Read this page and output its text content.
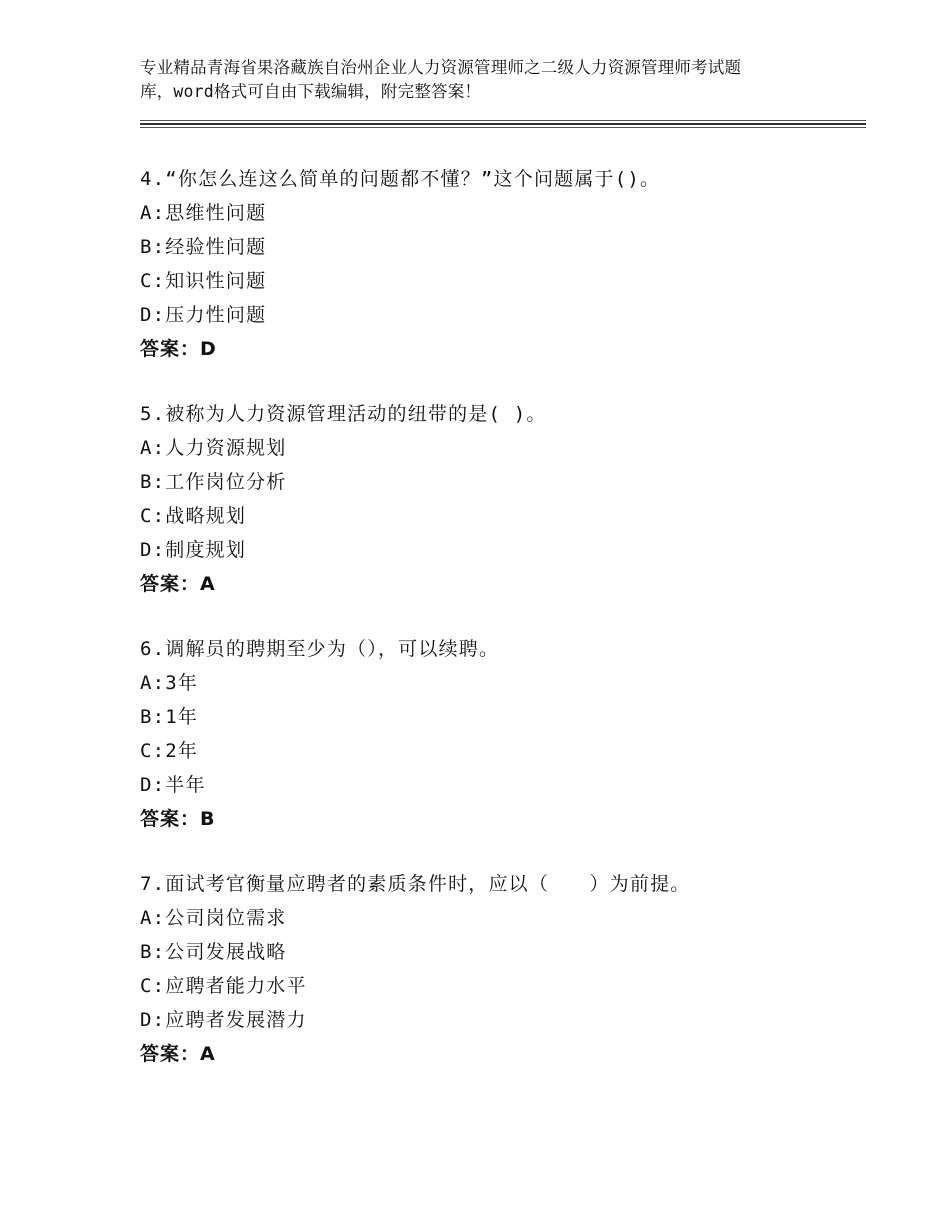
专业精品青海省果洛藏族自治州企业人力资源管理师之二级人力资源管理师考试题
库，word格式可自由下载编辑，附完整答案！
4.“你怎么连这么简单的问题都不懂？”这个问题属于()。
A:思维性问题
B:经验性问题
C:知识性问题
D:压力性问题
答案：D
5.被称为人力资源管理活动的纽带的是( )。
A:人力资源规划
B:工作岗位分析
C:战略规划
D:制度规划
答案：A
6.调解员的聘期至少为（），可以续聘。
A:3年
B:1年
C:2年
D:半年
答案：B
7.面试考官衡量应聘者的素质条件时，应以（　　）为前提。
A:公司岗位需求
B:公司发展战略
C:应聘者能力水平
D:应聘者发展潜力
答案：A
